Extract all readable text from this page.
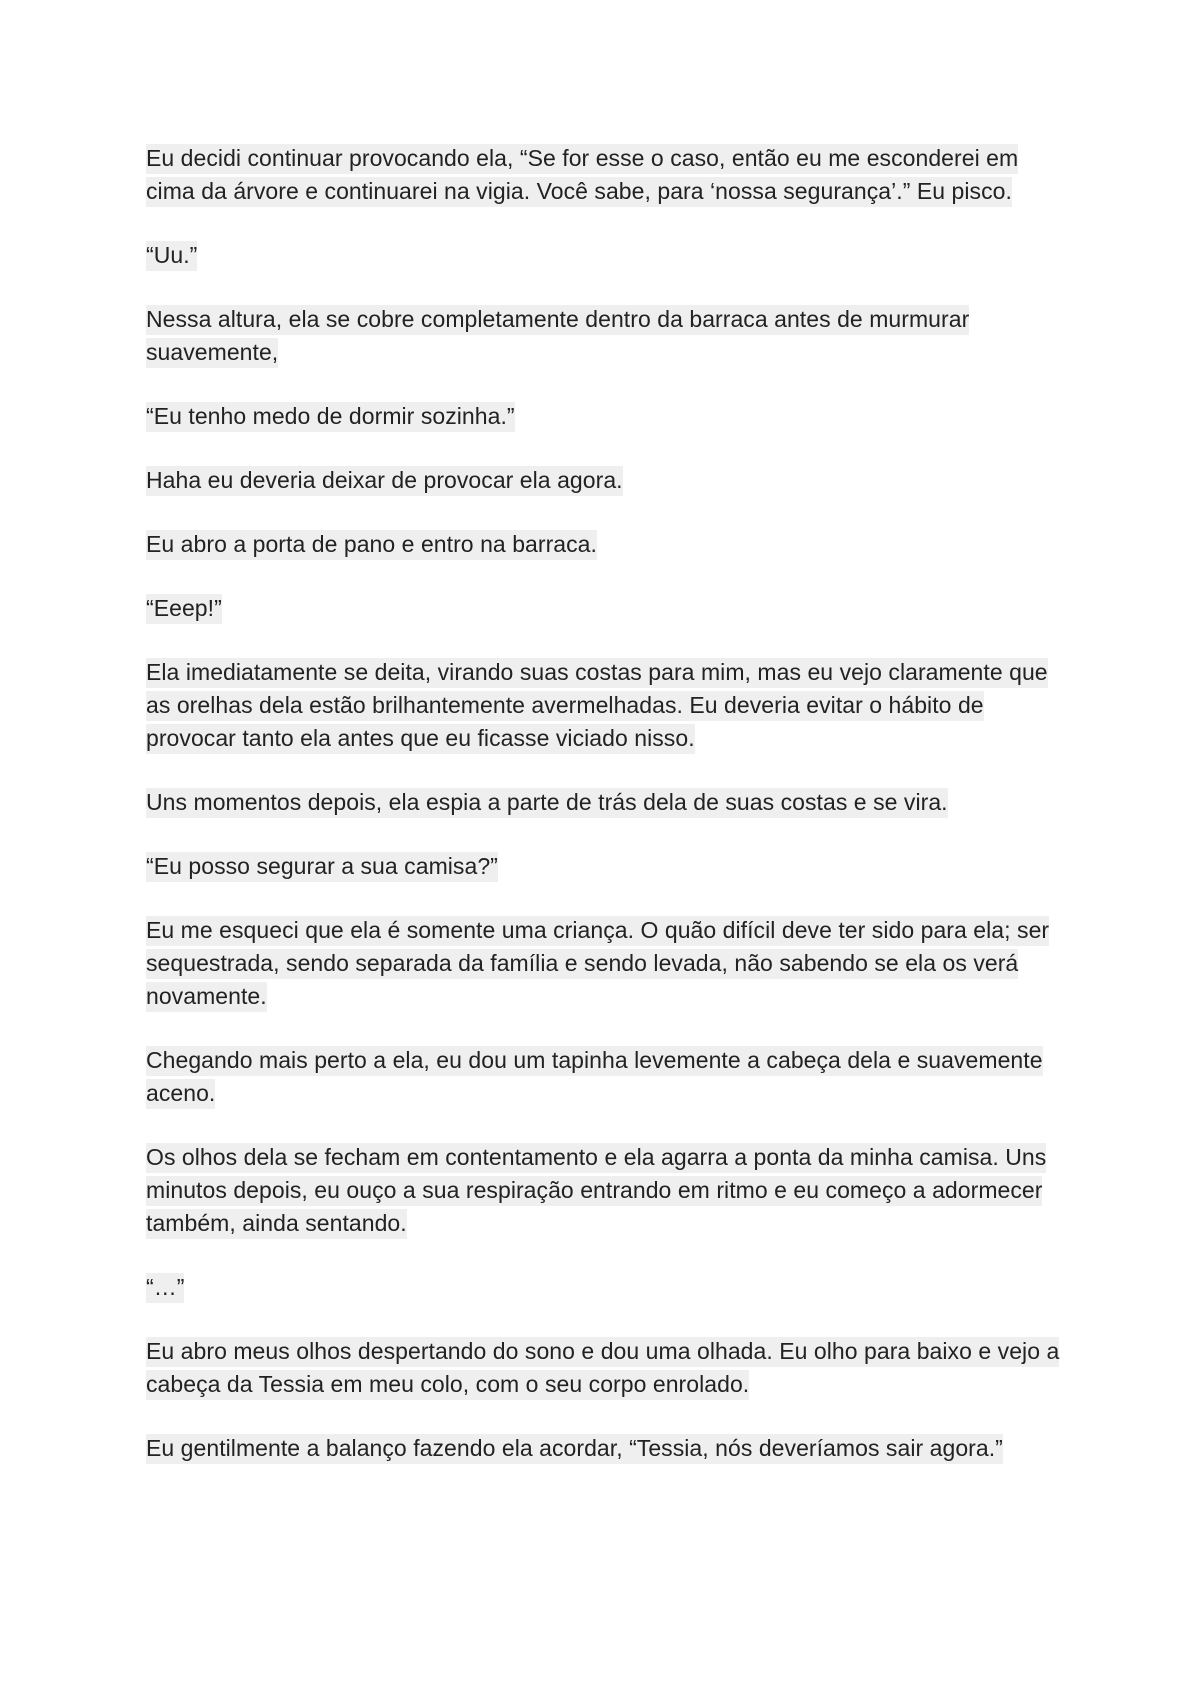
Eu decidi continuar provocando ela, “Se for esse o caso, então eu me esconderei em cima da árvore e continuarei na vigia. Você sabe, para ‘nossa segurança’.” Eu pisco.

“Uu.”

Nessa altura, ela se cobre completamente dentro da barraca antes de murmurar suavemente,

“Eu tenho medo de dormir sozinha.”

Haha eu deveria deixar de provocar ela agora.

Eu abro a porta de pano e entro na barraca.

“Eeep!”

Ela imediatamente se deita, virando suas costas para mim, mas eu vejo claramente que as orelhas dela estão brilhantemente avermelhadas. Eu deveria evitar o hábito de provocar tanto ela antes que eu ficasse viciado nisso.

Uns momentos depois, ela espia a parte de trás dela de suas costas e se vira.

“Eu posso segurar a sua camisa?”

Eu me esqueci que ela é somente uma criança. O quão difícil deve ter sido para ela; ser sequestrada, sendo separada da família e sendo levada, não sabendo se ela os verá novamente.

Chegando mais perto a ela, eu dou um tapinha levemente a cabeça dela e suavemente aceno.

Os olhos dela se fecham em contentamento e ela agarra a ponta da minha camisa. Uns minutos depois, eu ouço a sua respiração entrando em ritmo e eu começo a adormecer também, ainda sentando.

“…”

Eu abro meus olhos despertando do sono e dou uma olhada. Eu olho para baixo e vejo a cabeça da Tessia em meu colo, com o seu corpo enrolado.

Eu gentilmente a balanço fazendo ela acordar, “Tessia, nós deveríamos sair agora.”
